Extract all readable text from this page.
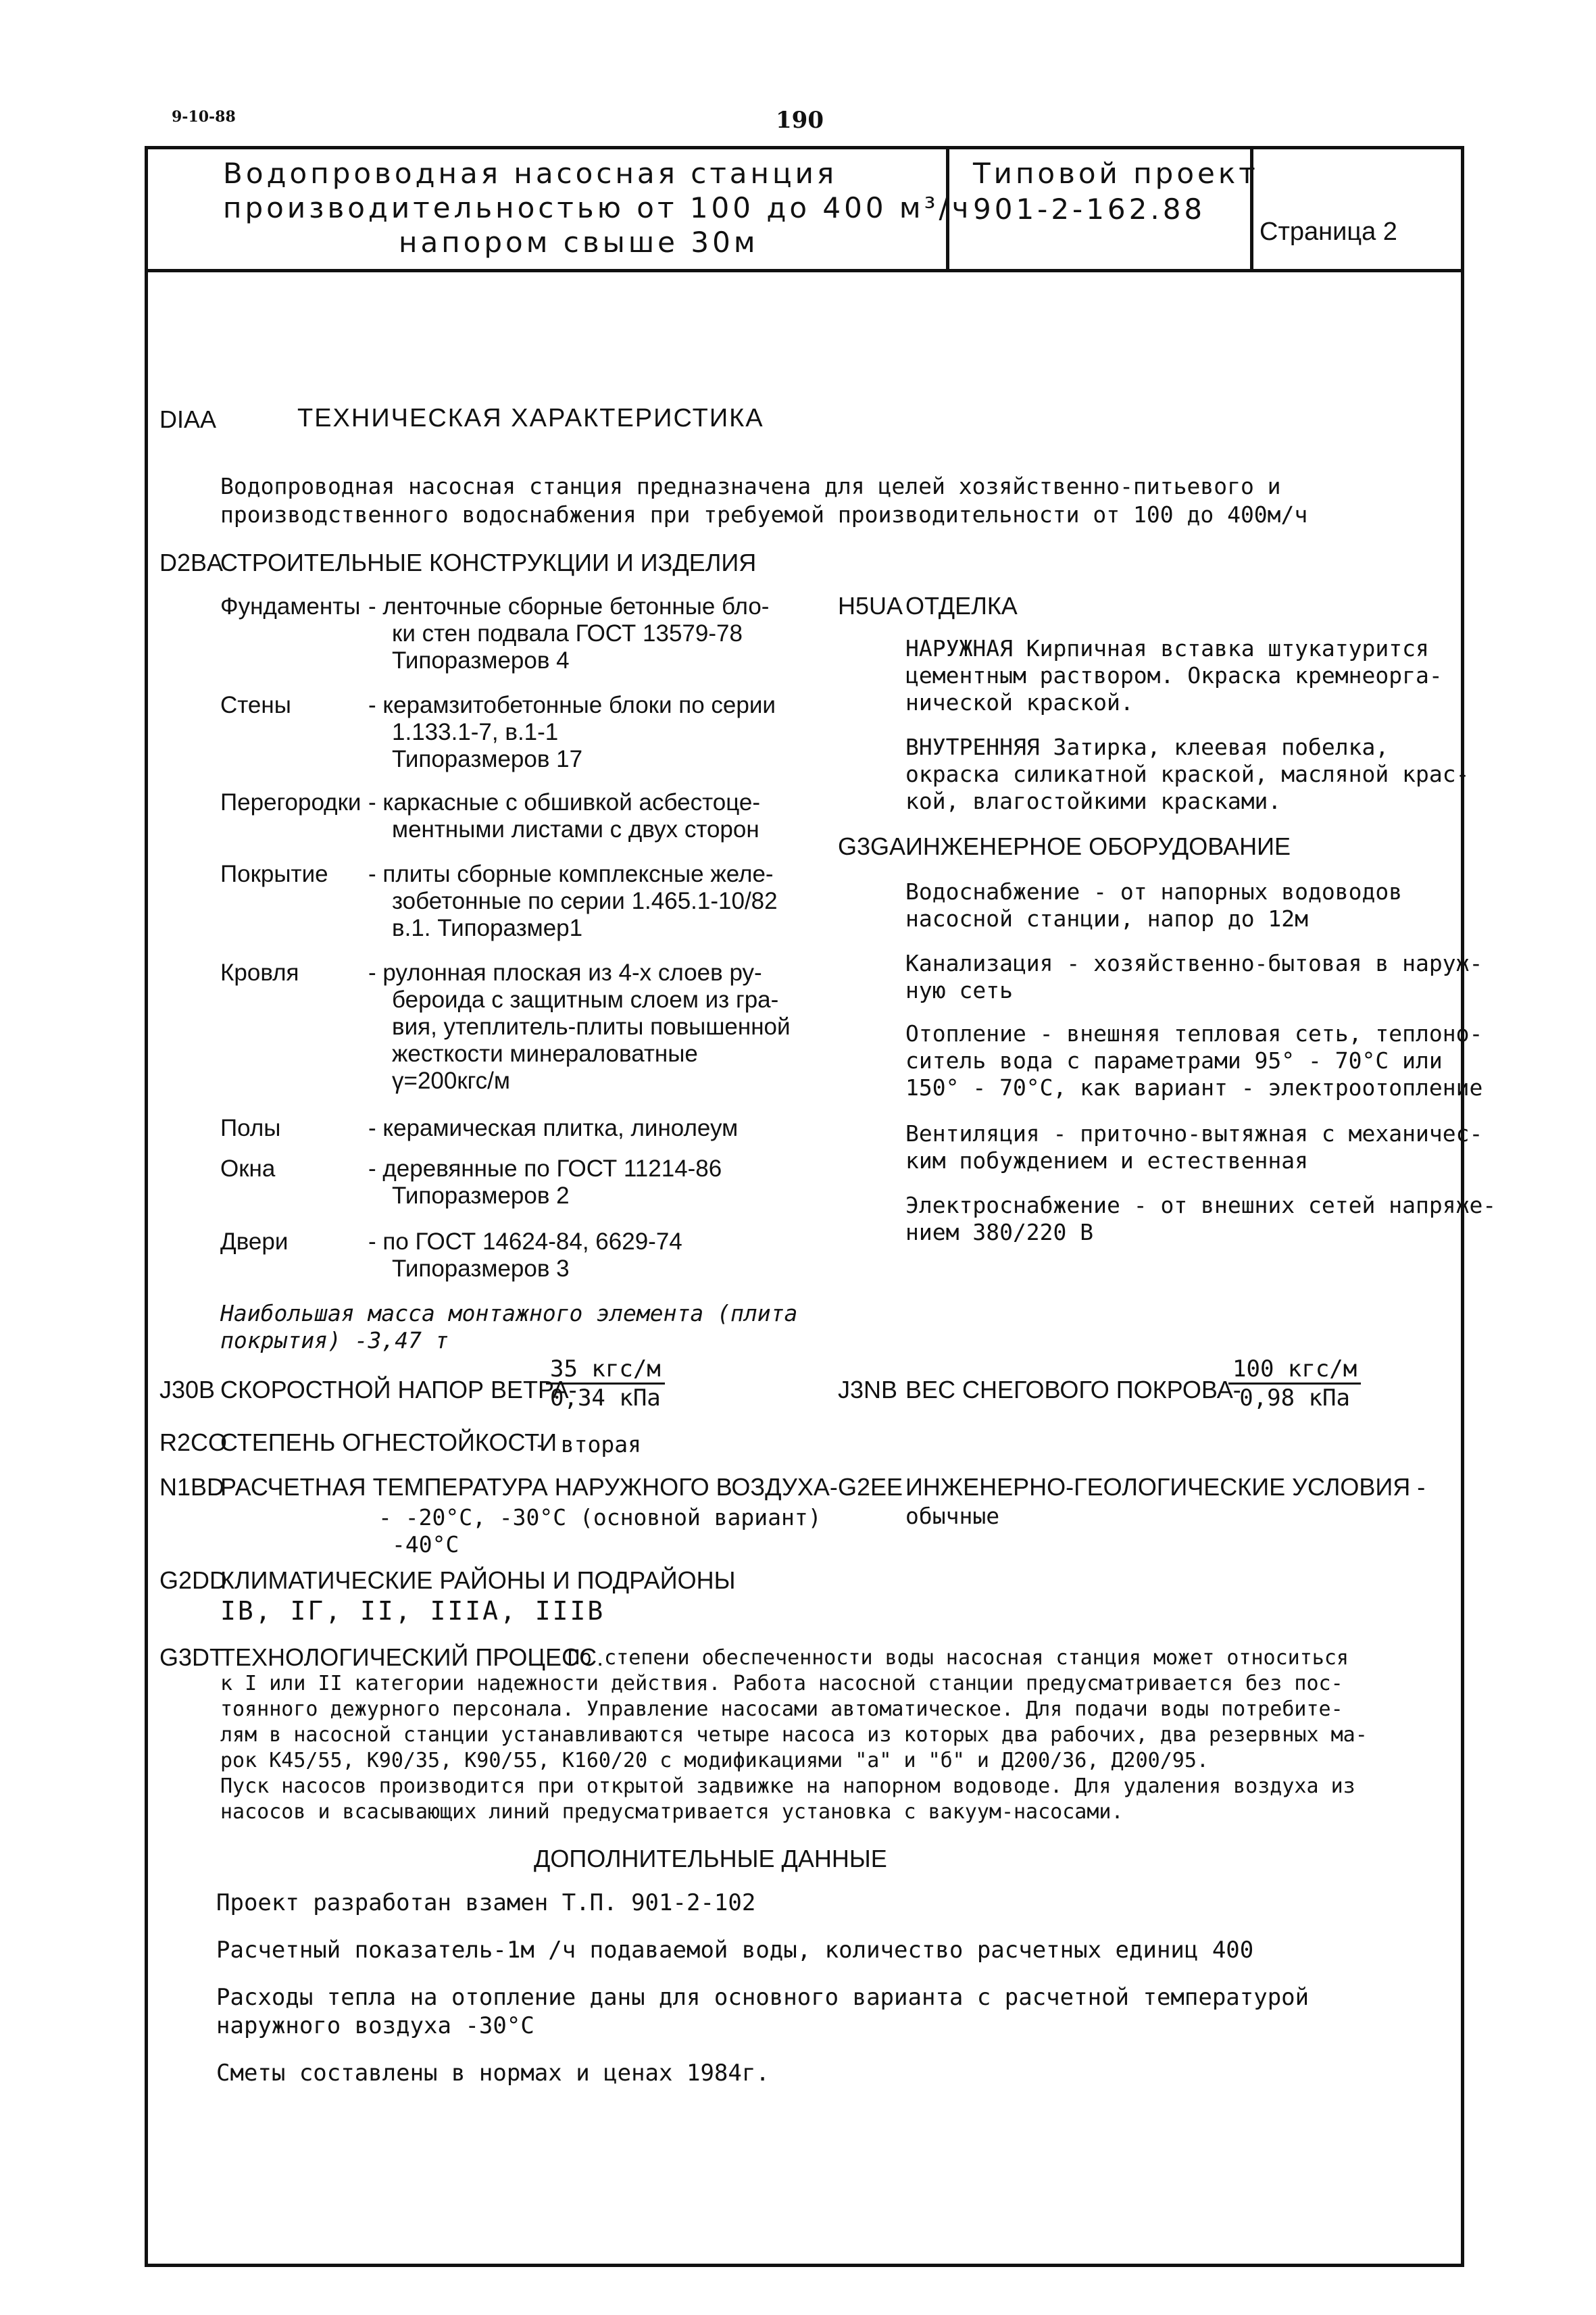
9-10-88	190
Водопроводная насосная станция
производительностью от 100 до 400 м³/ч
напором свыше 30м
Типовой проект
901-2-162.88
Страница 2
DIAA	ТЕХНИЧЕСКАЯ ХАРАКТЕРИСТИКА
Водопроводная насосная станция предназначена для целей хозяйственно-питьевого и
производственного водоснабжения при требуемой производительности от 100 до 400м/ч
D2BA
СТРОИТЕЛЬНЫЕ КОНСТРУКЦИИ И ИЗДЕЛИЯ
Фундаменты - ленточные сборные бетонные бло-
ки стен подвала ГОСТ 13579-78
Типоразмеров 4
Стены	- керамзитобетонные блоки по серии
1.133.1-7, в.1-1
Типоразмеров 17
Перегородки - каркасные с обшивкой асбестоце-
ментными листами с двух сторон
Покрытие - плиты сборные комплексные желе-
зобетонные по серии 1.465.1-10/82
в.1. Типоразмер1
Кровля	- рулонная плоская из 4-х слоев ру-
бероида с защитным слоем из гра-
вия, утеплитель-плиты повышенной
жесткости минераловатные
γ=200кгс/м
Полы	- керамическая плитка, линолеум
Окна	- деревянные по ГОСТ 11214-86
Типоразмеров 2
Двери	- по ГОСТ 14624-84, 6629-74
Типоразмеров 3
Наибольшая масса монтажного элемента (плита
покрытия) -3,47 т
H5UA ОТДЕЛКА
НАРУЖНАЯ Кирпичная вставка штукатурится
цементным раствором. Окраска кремнеорга-
нической краской.
ВНУТРЕННЯЯ Затирка, клеевая побелка,
окраска силикатной краской, масляной крас-
кой, влагостойкими красками.
G3GA ИНЖЕНЕРНОЕ ОБОРУДОВАНИЕ
Водоснабжение - от напорных водоводов
насосной станции, напор до 12м
Канализация - хозяйственно-бытовая в наруж-
ную сеть
Отопление - внешняя тепловая сеть, теплоно-
ситель вода с параметрами 95° - 70°С или
150° - 70°С, как вариант - электроотопление
Вентиляция - приточно-вытяжная с механичес-
ким побуждением и естественная
Электроснабжение - от внешних сетей напряже-
нием 380/220 В
J30B СКОРОСТНОЙ НАПОР ВЕТРА-
35 кгс/м
0,34 кПа	J3NB ВЕС СНЕГОВОГО ПОКРОВА-
100 кгс/м
0,98 кПа
R2CO
СТЕПЕНЬ ОГНЕСТОЙКОСТИ
- вторая
N1BD
РАСЧЕТНАЯ ТЕМПЕРАТУРА НАРУЖНОГО ВОЗДУХА-
- -20°С, -30°С (основной вариант)
-40°С
G2EE ИНЖЕНЕРНО-ГЕОЛОГИЧЕСКИЕ УСЛОВИЯ -
обычные
G2DD
КЛИМАТИЧЕСКИЕ РАЙОНЫ И ПОДРАЙОНЫ
IВ, IГ, II, IIIА, IIIВ
G3DT
ТЕХНОЛОГИЧЕСКИЙ ПРОЦЕСС.
По степени обеспеченности воды насосная станция может относиться
к I или II категории надежности действия. Работа насосной станции предусматривается без пос-
тоянного дежурного персонала. Управление насосами автоматическое. Для подачи воды потребите-
лям в насосной станции устанавливаются четыре насоса из которых два рабочих, два резервных ма-
рок К45/55, К90/35, К90/55, К160/20 с модификациями "а" и "б" и Д200/36, Д200/95.
Пуск насосов производится при открытой задвижке на напорном водоводе. Для удаления воздуха из
насосов и всасывающих линий предусматривается установка с вакуум-насосами.
ДОПОЛНИТЕЛЬНЫЕ ДАННЫЕ
Проект разработан взамен Т.П. 901-2-102
Расчетный показатель-1м /ч подаваемой воды, количество расчетных единиц 400
Расходы тепла на отопление даны для основного варианта с расчетной температурой
наружного воздуха -30°С
Сметы составлены в нормах и ценах 1984г.
